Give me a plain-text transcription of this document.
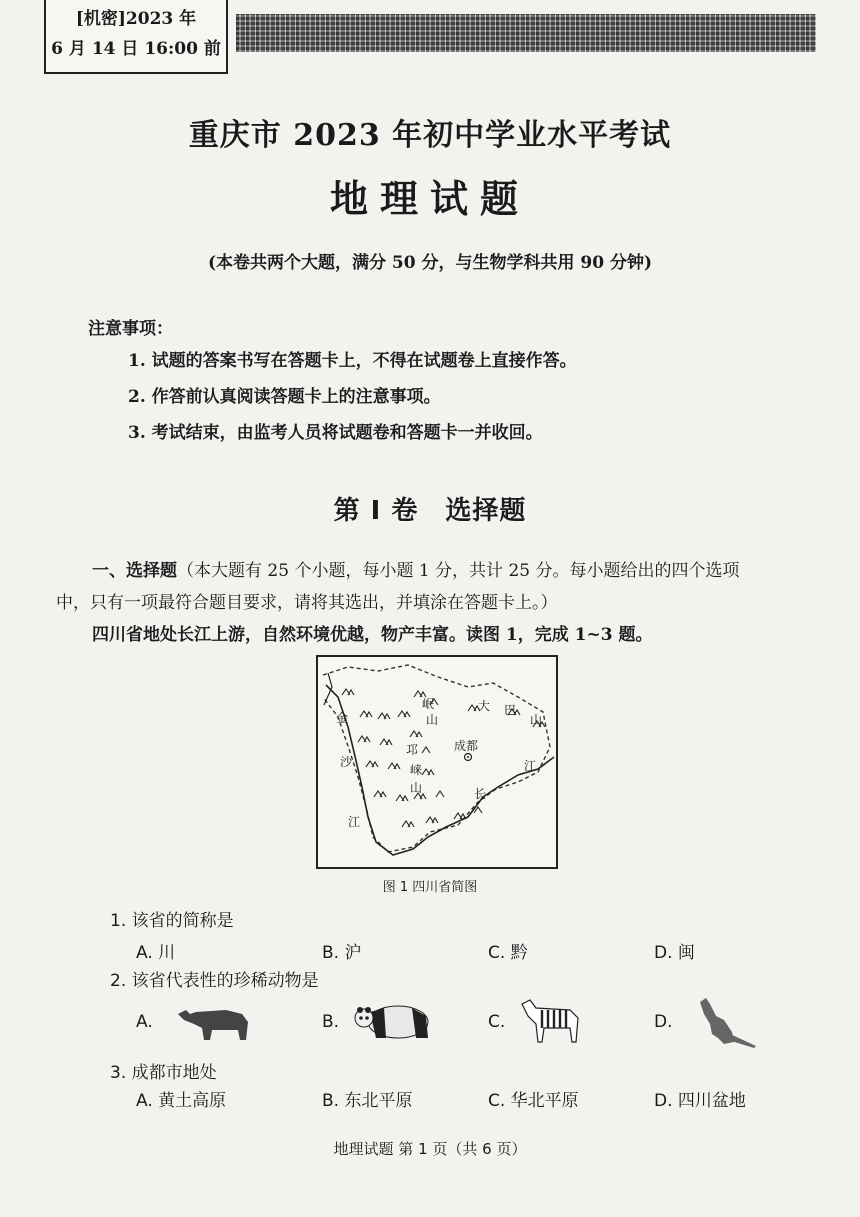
[机密]2023 年
6 月 14 日 16:00 前
重庆市 2023 年初中学业水平考试
地理试题
(本卷共两个大题，满分 50 分，与生物学科共用 90 分钟)
注意事项：
1. 试题的答案书写在答题卡上，不得在试题卷上直接作答。
2. 作答前认真阅读答题卡上的注意事项。
3. 考试结束，由监考人员将试题卷和答题卡一并收回。
第 I 卷　选择题
一、选择题（本大题有 25 个小题，每小题 1 分，共计 25 分。每小题给出的四个选项
中，只有一项最符合题目要求，请将其选出，并填涂在答题卡上。）
四川省地处长江上游，自然环境优越，物产丰富。读图 1，完成 1~3 题。
金
沙
江
岷
山
邛
崃
山
大 巴
山
成都
长
江
图 1 四川省简图
1. 该省的简称是
A. 川	B. 沪	C. 黔	D. 闽
2. 该省代表性的珍稀动物是
A.	B.	C.	D.
3. 成都市地处
A. 黄土高原	B. 东北平原	C. 华北平原	D. 四川盆地
地理试题 第 1 页（共 6 页）
